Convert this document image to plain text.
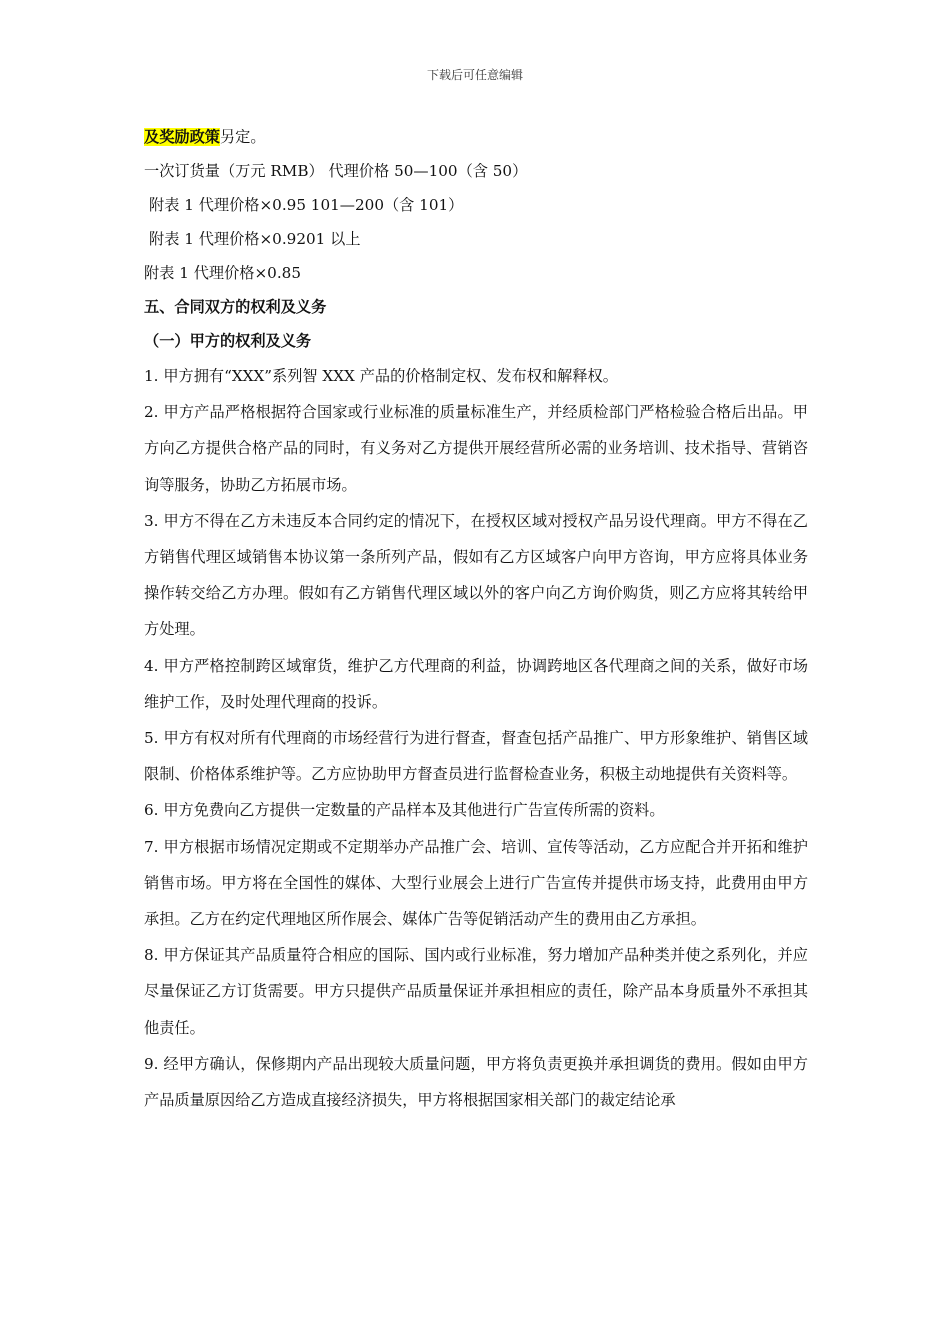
下载后可任意编辑
及奖励政策另定。
一次订货量（万元 RMB） 代理价格 50—100（含 50）
附表 1 代理价格×0.95 101—200（含 101）
附表 1 代理价格×0.9201 以上
附表 1 代理价格×0.85
五、合同双方的权利及义务
（一）甲方的权利及义务
1. 甲方拥有“XXX”系列智 XXX 产品的价格制定权、发布权和解释权。
2. 甲方产品严格根据符合国家或行业标准的质量标准生产，并经质检部门严格检验合格后出品。甲方向乙方提供合格产品的同时，有义务对乙方提供开展经营所必需的业务培训、技术指导、营销咨询等服务，协助乙方拓展市场。
3. 甲方不得在乙方未违反本合同约定的情况下，在授权区域对授权产品另设代理商。甲方不得在乙方销售代理区域销售本协议第一条所列产品，假如有乙方区域客户向甲方咨询，甲方应将具体业务操作转交给乙方办理。假如有乙方销售代理区域以外的客户向乙方询价购货，则乙方应将其转给甲方处理。
4. 甲方严格控制跨区域窜货，维护乙方代理商的利益，协调跨地区各代理商之间的关系，做好市场维护工作，及时处理代理商的投诉。
5. 甲方有权对所有代理商的市场经营行为进行督查，督查包括产品推广、甲方形象维护、销售区域限制、价格体系维护等。乙方应协助甲方督查员进行监督检查业务，积极主动地提供有关资料等。
6. 甲方免费向乙方提供一定数量的产品样本及其他进行广告宣传所需的资料。
7. 甲方根据市场情况定期或不定期举办产品推广会、培训、宣传等活动，乙方应配合并开拓和维护销售市场。甲方将在全国性的媒体、大型行业展会上进行广告宣传并提供市场支持，此费用由甲方承担。乙方在约定代理地区所作展会、媒体广告等促销活动产生的费用由乙方承担。
8. 甲方保证其产品质量符合相应的国际、国内或行业标准，努力增加产品种类并使之系列化，并应尽量保证乙方订货需要。甲方只提供产品质量保证并承担相应的责任，除产品本身质量外不承担其他责任。
9. 经甲方确认，保修期内产品出现较大质量问题，甲方将负责更换并承担调货的费用。假如由甲方产品质量原因给乙方造成直接经济损失，甲方将根据国家相关部门的裁定结论承
